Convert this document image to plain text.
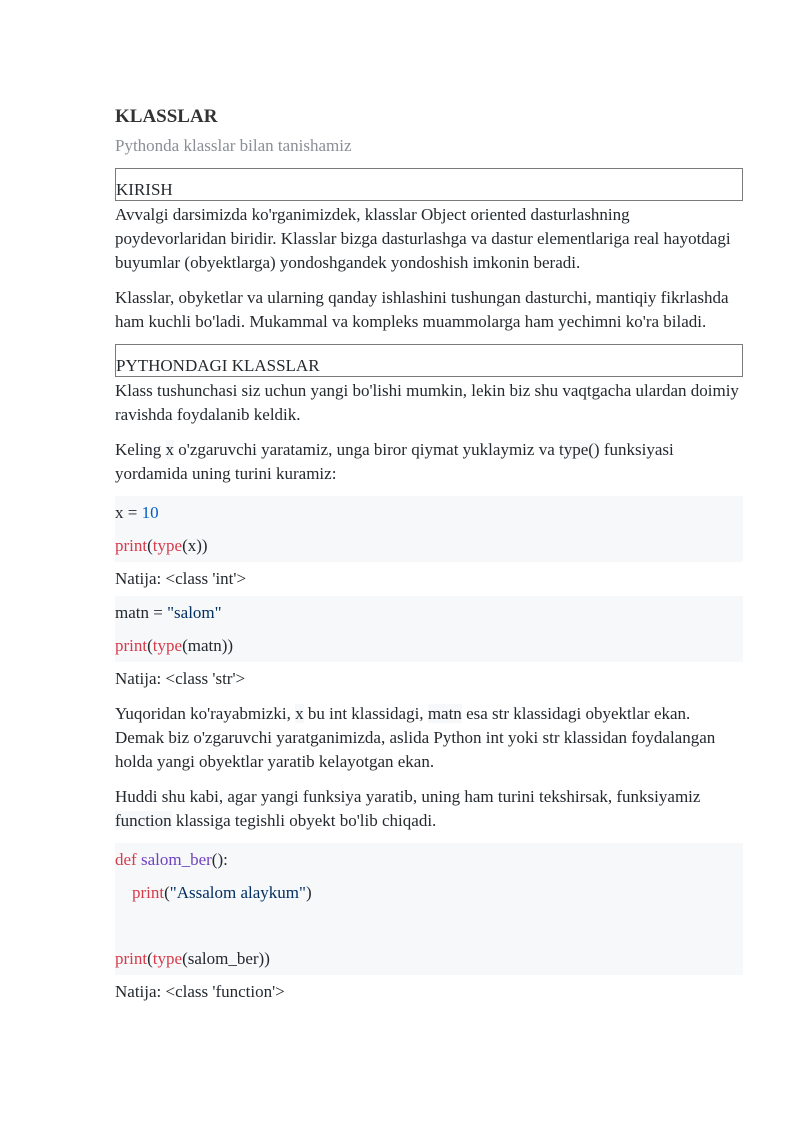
KLASSLAR
Pythonda klasslar bilan tanishamiz
KIRISH

Avvalgi darsimizda ko'rganimizdek, klasslar Object oriented dasturlashning poydevorlaridan biridir. Klasslar bizga dasturlashga va dastur elementlariga real hayotdagi buyumlar (obyektlarga) yondoshgandek yondoshish imkonin beradi.

Klasslar, obyketlar va ularning qanday ishlashini tushungan dasturchi, mantiqiy fikrlashda ham kuchli bo'ladi. Mukammal va kompleks muammolarga ham yechimni ko'ra biladi.

PYTHONDAGI KLASSLAR

Klass tushunchasi siz uchun yangi bo'lishi mumkin, lekin biz shu vaqtgacha ulardan doimiy ravishda foydalanib keldik.

Keling x o'zgaruvchi yaratamiz, unga biror qiymat yuklaymiz va type() funksiyasi yordamida uning turini kuramiz:

x = 10
print(type(x))
Natija: <class 'int'>
matn = "salom"
print(type(matn))
Natija: <class 'str'>

Yuqoridan ko'rayabmizki, x bu int klassidagi, matn esa str klassidagi obyektlar ekan. Demak biz o'zgaruvchi yaratganimizda, aslida Python int yoki str klassidan foydalangan holda yangi obyektlar yaratib kelayotgan ekan.

Huddi shu kabi, agar yangi funksiya yaratib, uning ham turini tekshirsak, funksiyamiz function klassiga tegishli obyekt bo'lib chiqadi.

def salom_ber():
print("Assalom alaykum")
print(type(salom_ber))
Natija: <class 'function'>
